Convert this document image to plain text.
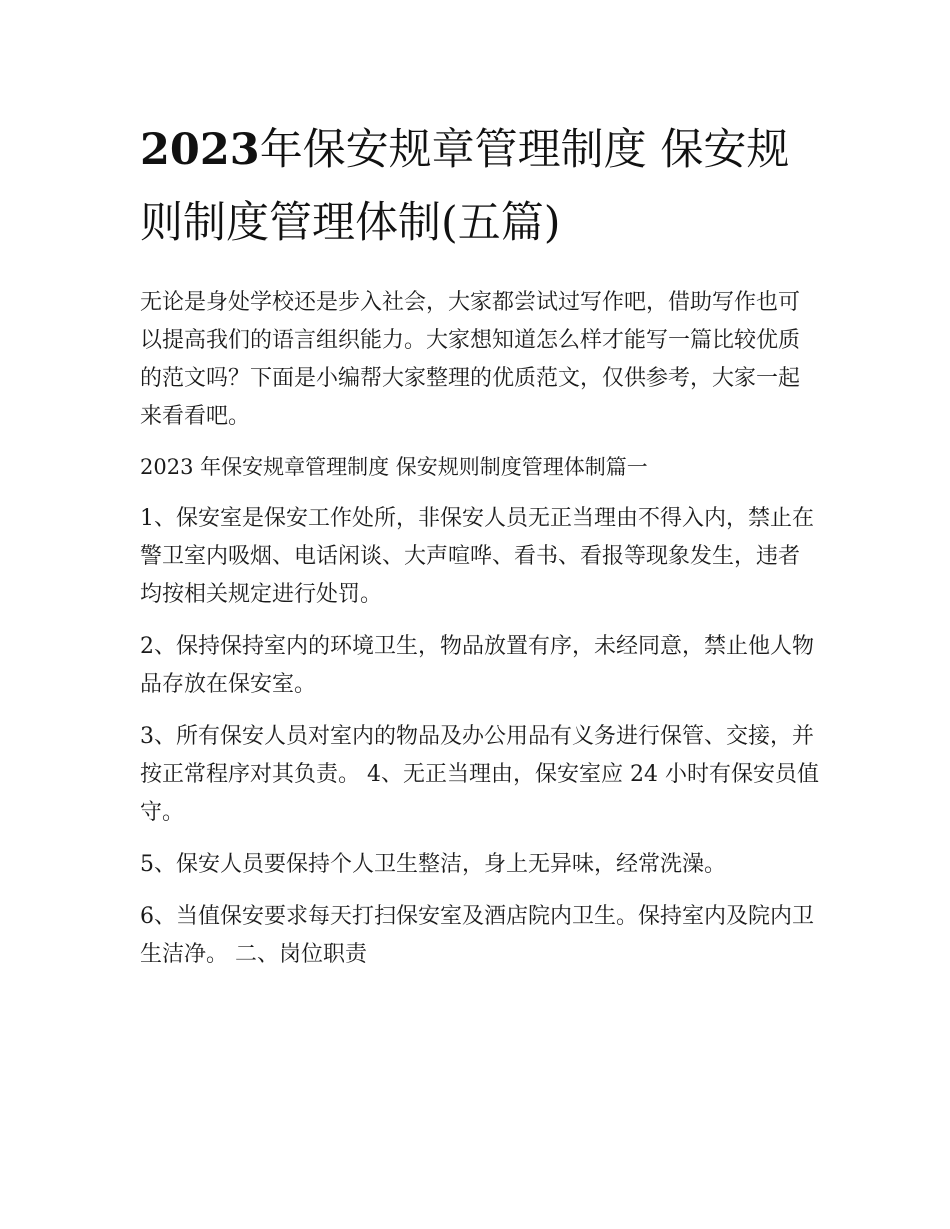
2023年保安规章管理制度 保安规则制度管理体制(五篇)

无论是身处学校还是步入社会，大家都尝试过写作吧，借助写作也可以提高我们的语言组织能力。大家想知道怎么样才能写一篇比较优质的范文吗？下面是小编帮大家整理的优质范文，仅供参考，大家一起来看看吧。

2023 年保安规章管理制度 保安规则制度管理体制篇一

1、保安室是保安工作处所，非保安人员无正当理由不得入内，禁止在警卫室内吸烟、电话闲谈、大声喧哗、看书、看报等现象发生，违者均按相关规定进行处罚。

2、保持保持室内的环境卫生，物品放置有序，未经同意，禁止他人物品存放在保安室。

3、所有保安人员对室内的物品及办公用品有义务进行保管、交接，并按正常程序对其负责。 4、无正当理由，保安室应 24 小时有保安员值守。

5、保安人员要保持个人卫生整洁，身上无异味，经常洗澡。

6、当值保安要求每天打扫保安室及酒店院内卫生。保持室内及院内卫生洁净。 二、岗位职责
